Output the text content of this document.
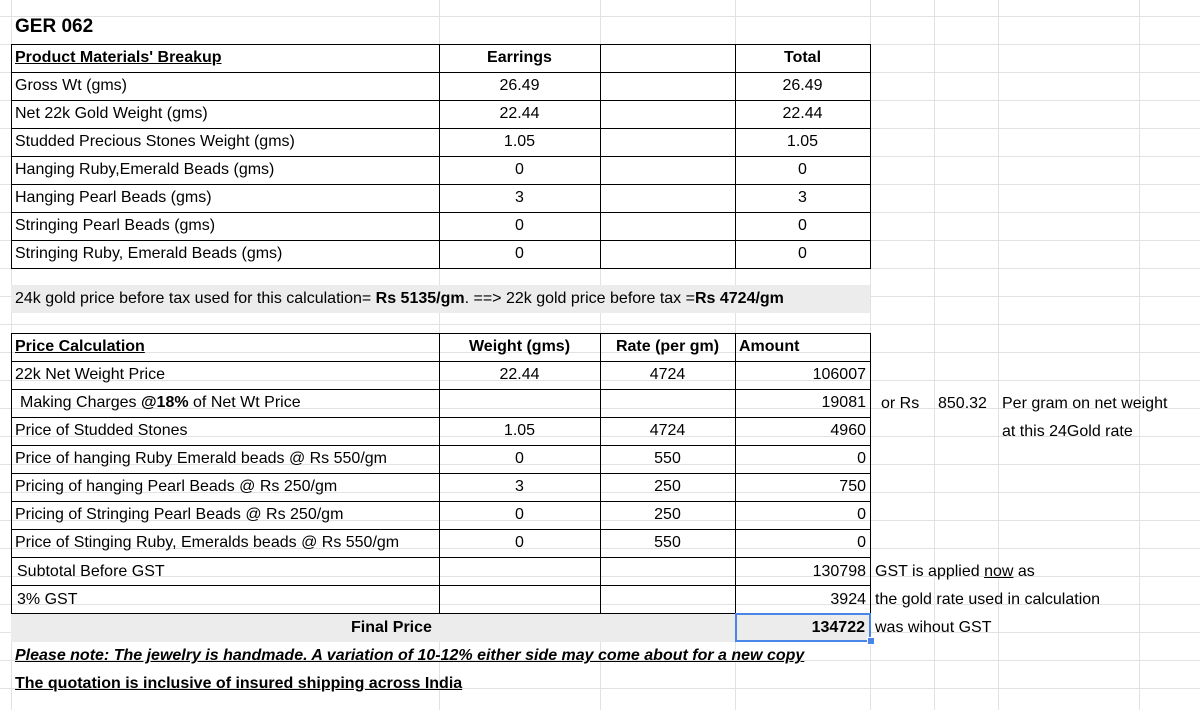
GER 062
Product Materials' Breakup	Earrings	Total
Gross Wt (gms)	26.49	26.49
Net 22k Gold Weight (gms)	22.44	22.44
Studded Precious Stones Weight (gms)	1.05	1.05
Hanging Ruby,Emerald Beads (gms)	0	0
Hanging Pearl Beads (gms)	3	3
Stringing Pearl Beads (gms)	0	0
Stringing Ruby, Emerald Beads (gms)	0	0
24k gold price before tax used for this calculation= Rs 5135/gm. ==> 22k gold price before tax =Rs 4724/gm
Price Calculation	Weight (gms)	Rate (per gm)	Amount
22k Net Weight Price	22.44	4724	106007
Making Charges @18% of Net Wt Price	19081
Price of Studded Stones	1.05	4724	4960
Price of hanging Ruby Emerald beads @ Rs 550/gm	0	550	0
Pricing of hanging Pearl Beads @ Rs 250/gm	3	250	750
Pricing of Stringing Pearl Beads @ Rs 250/gm	0	250	0
Price of Stinging Ruby, Emeralds beads @ Rs 550/gm	0	550	0
Subtotal Before GST	130798
3% GST	3924
Final Price	134722
or Rs	850.32 Per gram on net weight
at this 24Gold rate
GST is applied now as
the gold rate used in calculation
was wihout GST
Please note: The jewelry is handmade. A variation of 10-12% either side may come about for a new copy
The quotation is inclusive of insured shipping across India
